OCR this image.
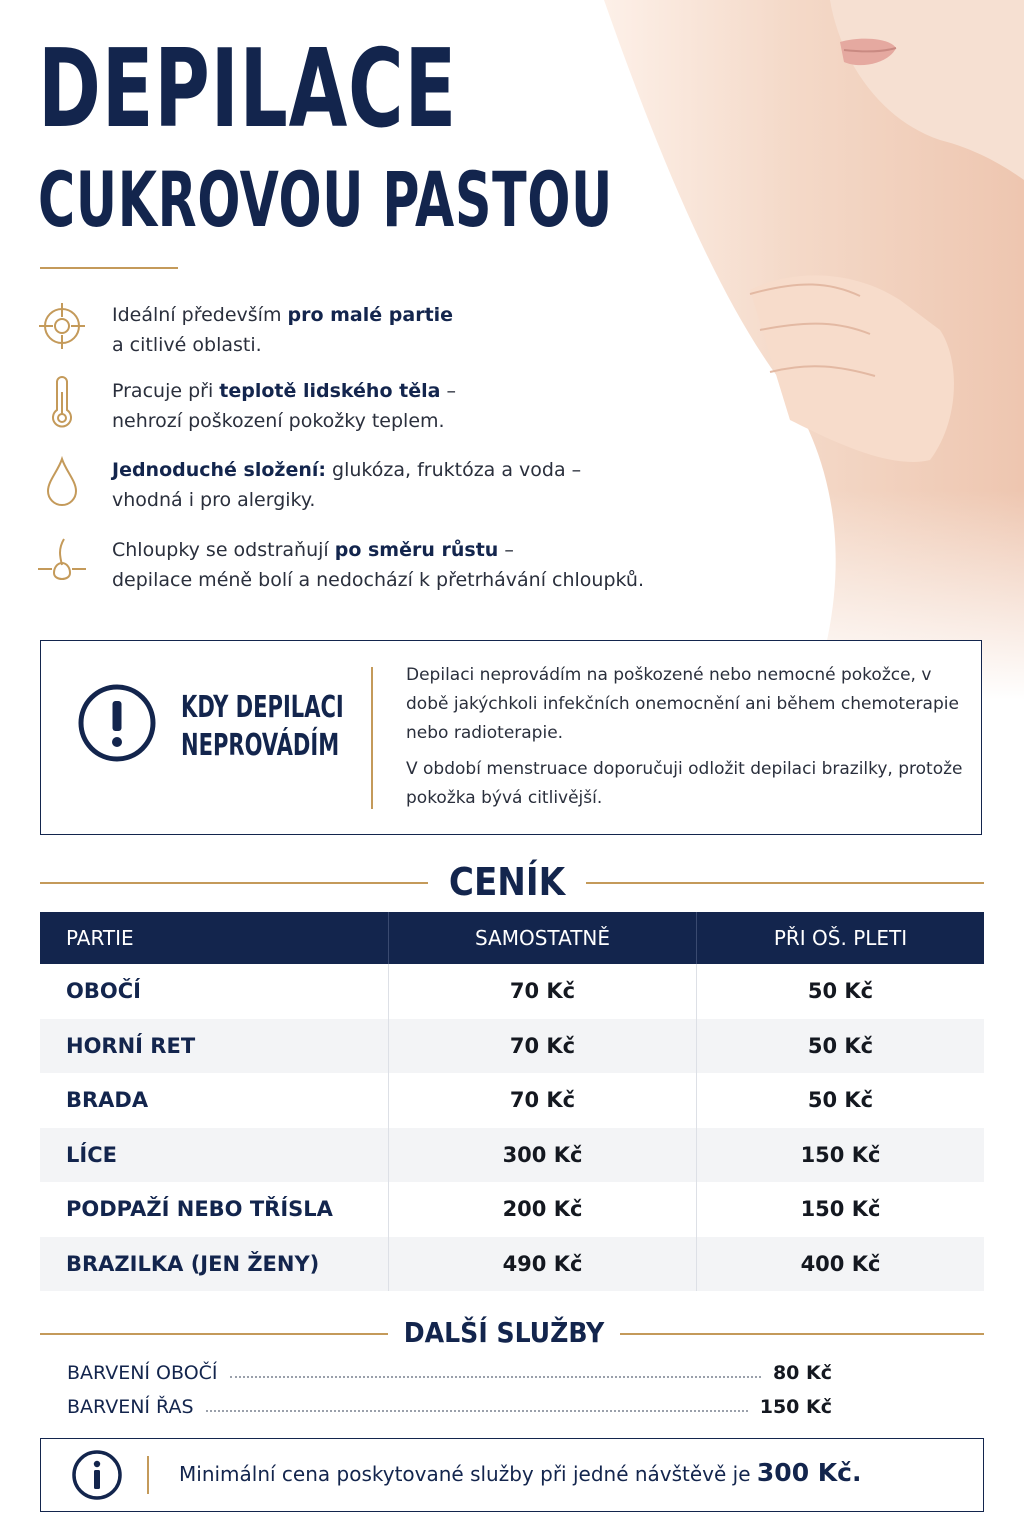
DEPILACE
CUKROVOU PASTOU
Ideální především pro malé partie
a citlivé oblasti.
Pracuje při teplotě lidského těla –
nehrozí poškození pokožky teplem.
Jednoduché složení: glukóza, fruktóza a voda –
vhodná i pro alergiky.
Chloupky se odstraňují po směru růstu –
depilace méně bolí a nedochází k přetrhávání chloupků.
KDY DEPILACI
NEPROVÁDÍM

Depilaci neprovádím na poškozené nebo nemocné pokožce, v době jakýchkoli infekčních onemocnění ani během chemoterapie nebo radioterapie.

V období menstruace doporučuji odložit depilaci brazilky, protože pokožka bývá citlivější.

CENÍK
PARTIE	SAMOSTATNĚ	PŘI OŠ. PLETI
OBOČÍ	70 Kč	50 Kč
HORNÍ RET	70 Kč	50 Kč
BRADA	70 Kč	50 Kč
LÍCE	300 Kč	150 Kč
PODPAŽÍ NEBO TŘÍSLA	200 Kč	150 Kč
BRAZILKA (JEN ŽENY)	490 Kč	400 Kč
DALŠÍ SLUŽBY
BARVENÍ OBOČÍ	80 Kč
BARVENÍ ŘAS	150 Kč
Minimální cena poskytované služby při jedné návštěvě je 300 Kč.
